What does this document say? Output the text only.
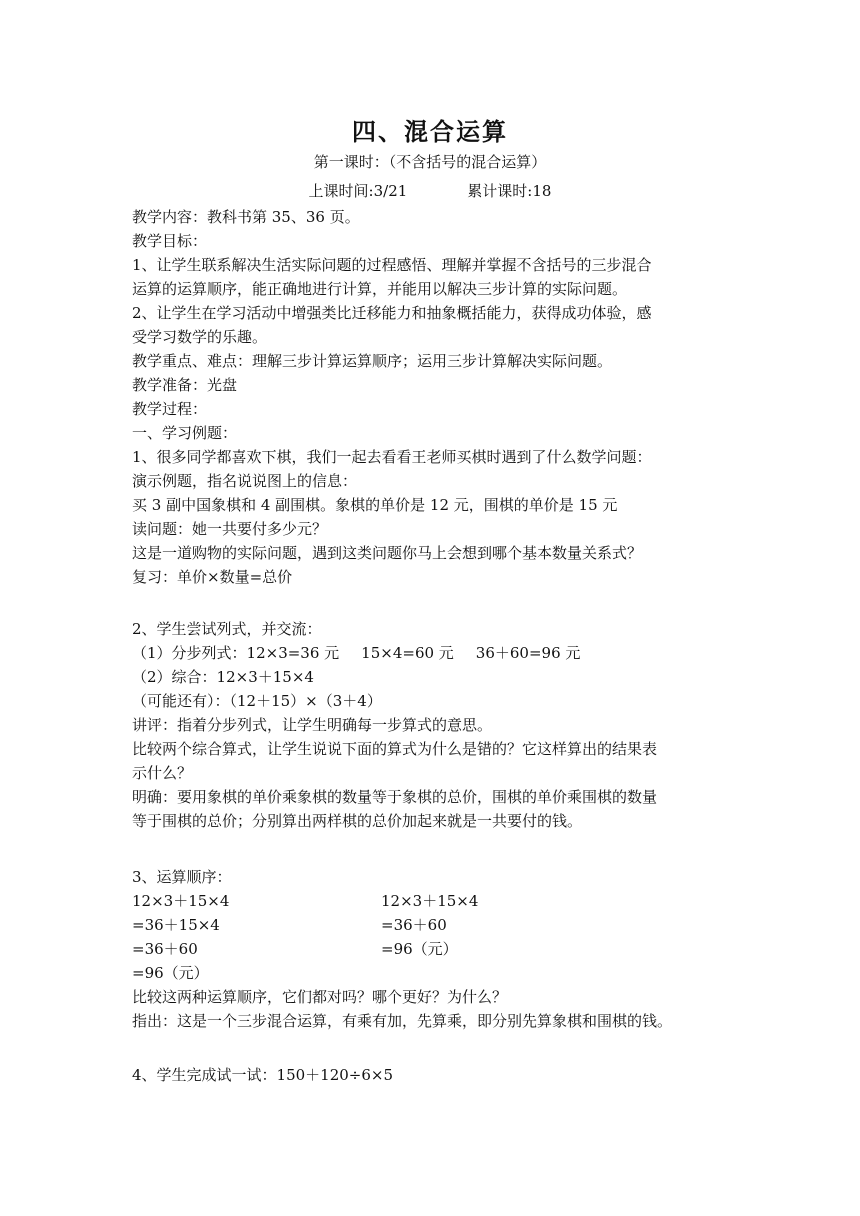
四、混合运算
第一课时：（不含括号的混合运算）
上课时间:3/21	累计课时:18
教学内容：教科书第 35、36 页。
教学目标：
1、让学生联系解决生活实际问题的过程感悟、理解并掌握不含括号的三步混合
运算的运算顺序，能正确地进行计算，并能用以解决三步计算的实际问题。
2、让学生在学习活动中增强类比迁移能力和抽象概括能力，获得成功体验，感
受学习数学的乐趣。
教学重点、难点：理解三步计算运算顺序；运用三步计算解决实际问题。
教学准备：光盘
教学过程：
一、学习例题：
1、很多同学都喜欢下棋，我们一起去看看王老师买棋时遇到了什么数学问题：
演示例题，指名说说图上的信息：
买 3 副中国象棋和 4 副围棋。象棋的单价是 12 元，围棋的单价是 15 元
读问题：她一共要付多少元？
这是一道购物的实际问题，遇到这类问题你马上会想到哪个基本数量关系式？
复习：单价×数量=总价
2、学生尝试列式，并交流：
（1）分步列式：12×3=36 元 15×4=60 元 36＋60=96 元
（2）综合：12×3＋15×4
（可能还有）：（12＋15）×（3＋4）
讲评：指着分步列式，让学生明确每一步算式的意思。
比较两个综合算式，让学生说说下面的算式为什么是错的？它这样算出的结果表
示什么？
明确：要用象棋的单价乘象棋的数量等于象棋的总价，围棋的单价乘围棋的数量
等于围棋的总价；分别算出两样棋的总价加起来就是一共要付的钱。
3、运算顺序：
12×3＋15×4
=36＋15×4
=36＋60
=96（元）
12×3＋15×4
=36＋60
=96（元）
比较这两种运算顺序，它们都对吗？哪个更好？为什么？
指出：这是一个三步混合运算，有乘有加，先算乘，即分别先算象棋和围棋的钱。
4、学生完成试一试：150＋120÷6×5
